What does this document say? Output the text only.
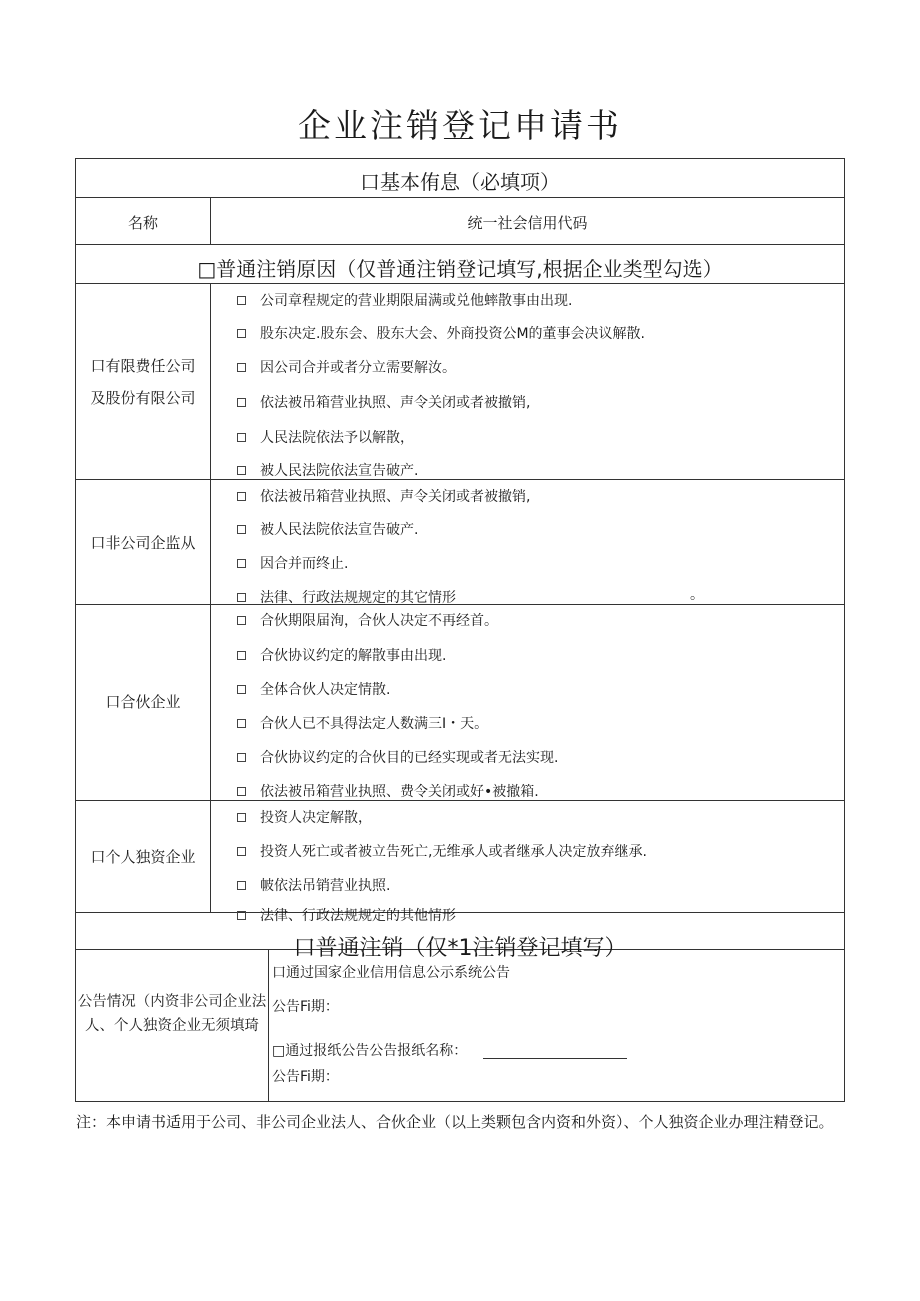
企业注销登记申请书
口基本侑息（必填项）
名称	统一社会信用代码
□普通注销原因（仅普通注销登记填写,根据企业类型勾选）
口有限费任公司
及股份有限公司
公司章程规定的营业期限届满或兑他蟀散事由出现.
股东决定.股东会、股东大会、外商投资公M的董事会决议解散.
因公司合并或者分立需要解汝。
依法被吊箱营业执照、声令关闭或者被撤销,
人民法院依法予以解散，
被人民法院依法宣告破产.
口非公司企监从
依法被吊箱营业执照、声令关闭或者被撤销,
被人民法院依法宣告破产.
因合并而终止.
法律、行政法规规定的其它情形	。
口合伙企业
合伙期限届洵，合伙人决定不再经首。
合伙协议约定的解散事由出现.
全体合伙人决定情散.
合伙人已不具得法定人数满三I・天。
合伙协议约定的合伙目的已经实现或者无法实现.
依法被吊箱营业执照、费令关闭或好•被撤箱.
口个人独资企业
投资人决定解散，
投资人死亡或者被立告死亡,无维承人或者继承人决定放弃继承.
帔依法吊销营业执照.
法律、行政法规规定的其他情形
口普通注销（仅*1注销登记填写）
公告情况（内资非公司企业法人、个人独资企业无须填琦
口通过国家企业信用信息公示系统公告
公告Fi期：
□通过报纸公告公告报纸名称：
公告Fi期：
注：本申请书适用于公司、非公司企业法人、合伙企业（以上类颗包含内资和外资）、个人独资企业办理注精登记。
